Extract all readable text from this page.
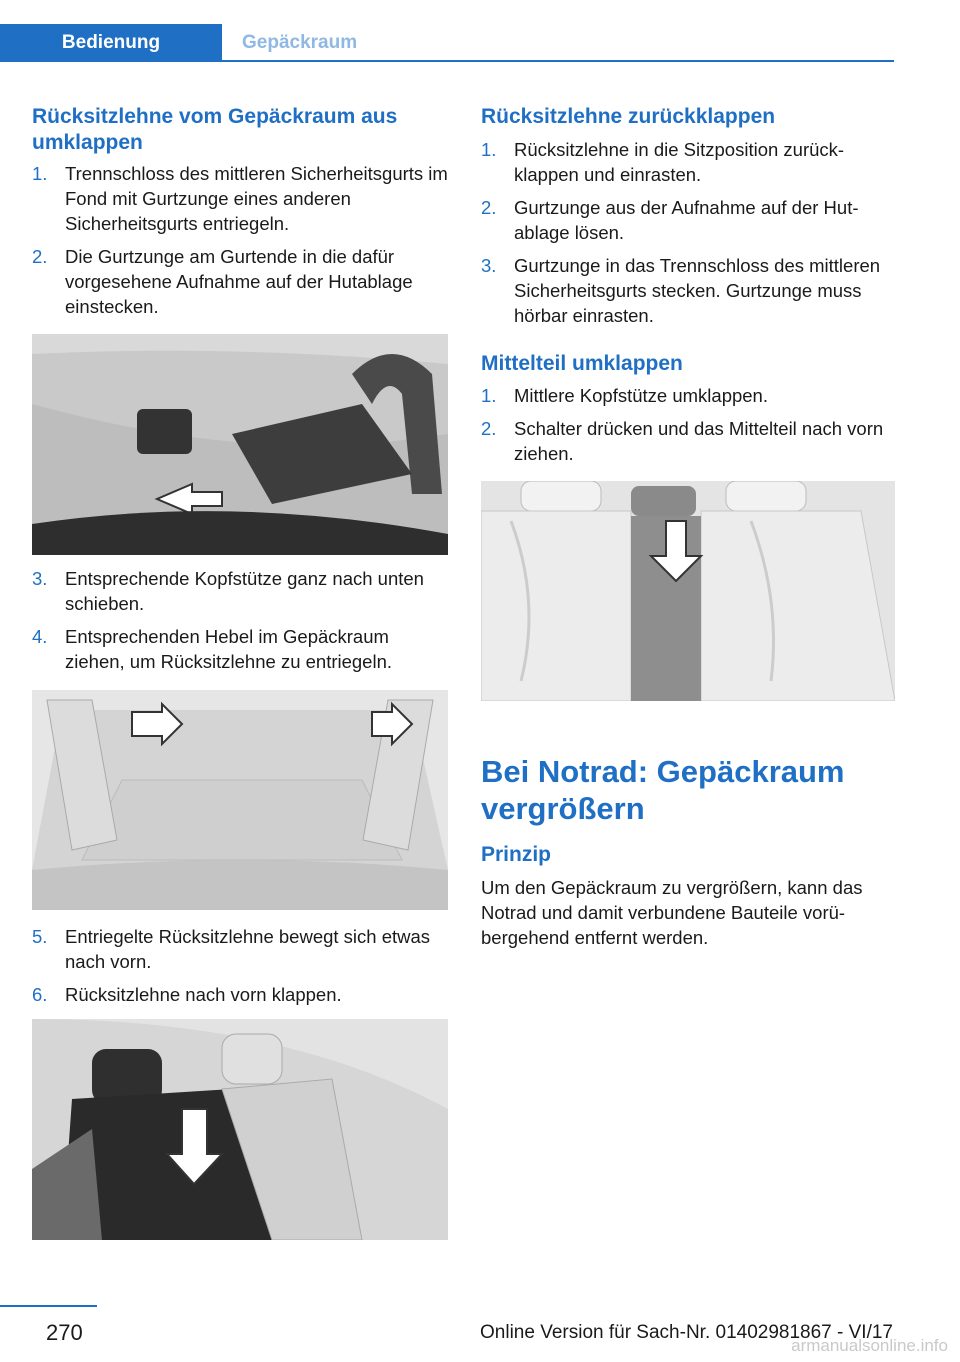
Bedienung	Gepäckraum
Rücksitzlehne vom Gepäckraum aus umklappen
1. Trennschloss des mittleren Sicherheitsgurts im Fond mit Gurtzunge eines anderen Sicherheitsgurts entriegeln.
2. Die Gurtzunge am Gurtende in die dafür vorgesehene Aufnahme auf der Hutablage einstecken.
3. Entsprechende Kopfstütze ganz nach unten schieben.
4. Entsprechenden Hebel im Gepäckraum ziehen, um Rücksitzlehne zu entriegeln.
5. Entriegelte Rücksitzlehne bewegt sich etwas nach vorn.
6. Rücksitzlehne nach vorn klappen.
Rücksitzlehne zurückklappen
1. Rücksitzlehne in die Sitzposition zurückklappen und einrasten.
2. Gurtzunge aus der Aufnahme auf der Hutablage lösen.
3. Gurtzunge in das Trennschloss des mittleren Sicherheitsgurts stecken. Gurtzunge muss hörbar einrasten.
Mittelteil umklappen
1. Mittlere Kopfstütze umklappen.
2. Schalter drücken und das Mittelteil nach vorn ziehen.
Bei Notrad: Gepäckraum vergrößern
Prinzip

Um den Gepäckraum zu vergrößern, kann das Notrad und damit verbundene Bauteile vorübergehend entfernt werden.

270	Online Version für Sach-Nr. 01402981867 - VI/17
armanualsonline.info
